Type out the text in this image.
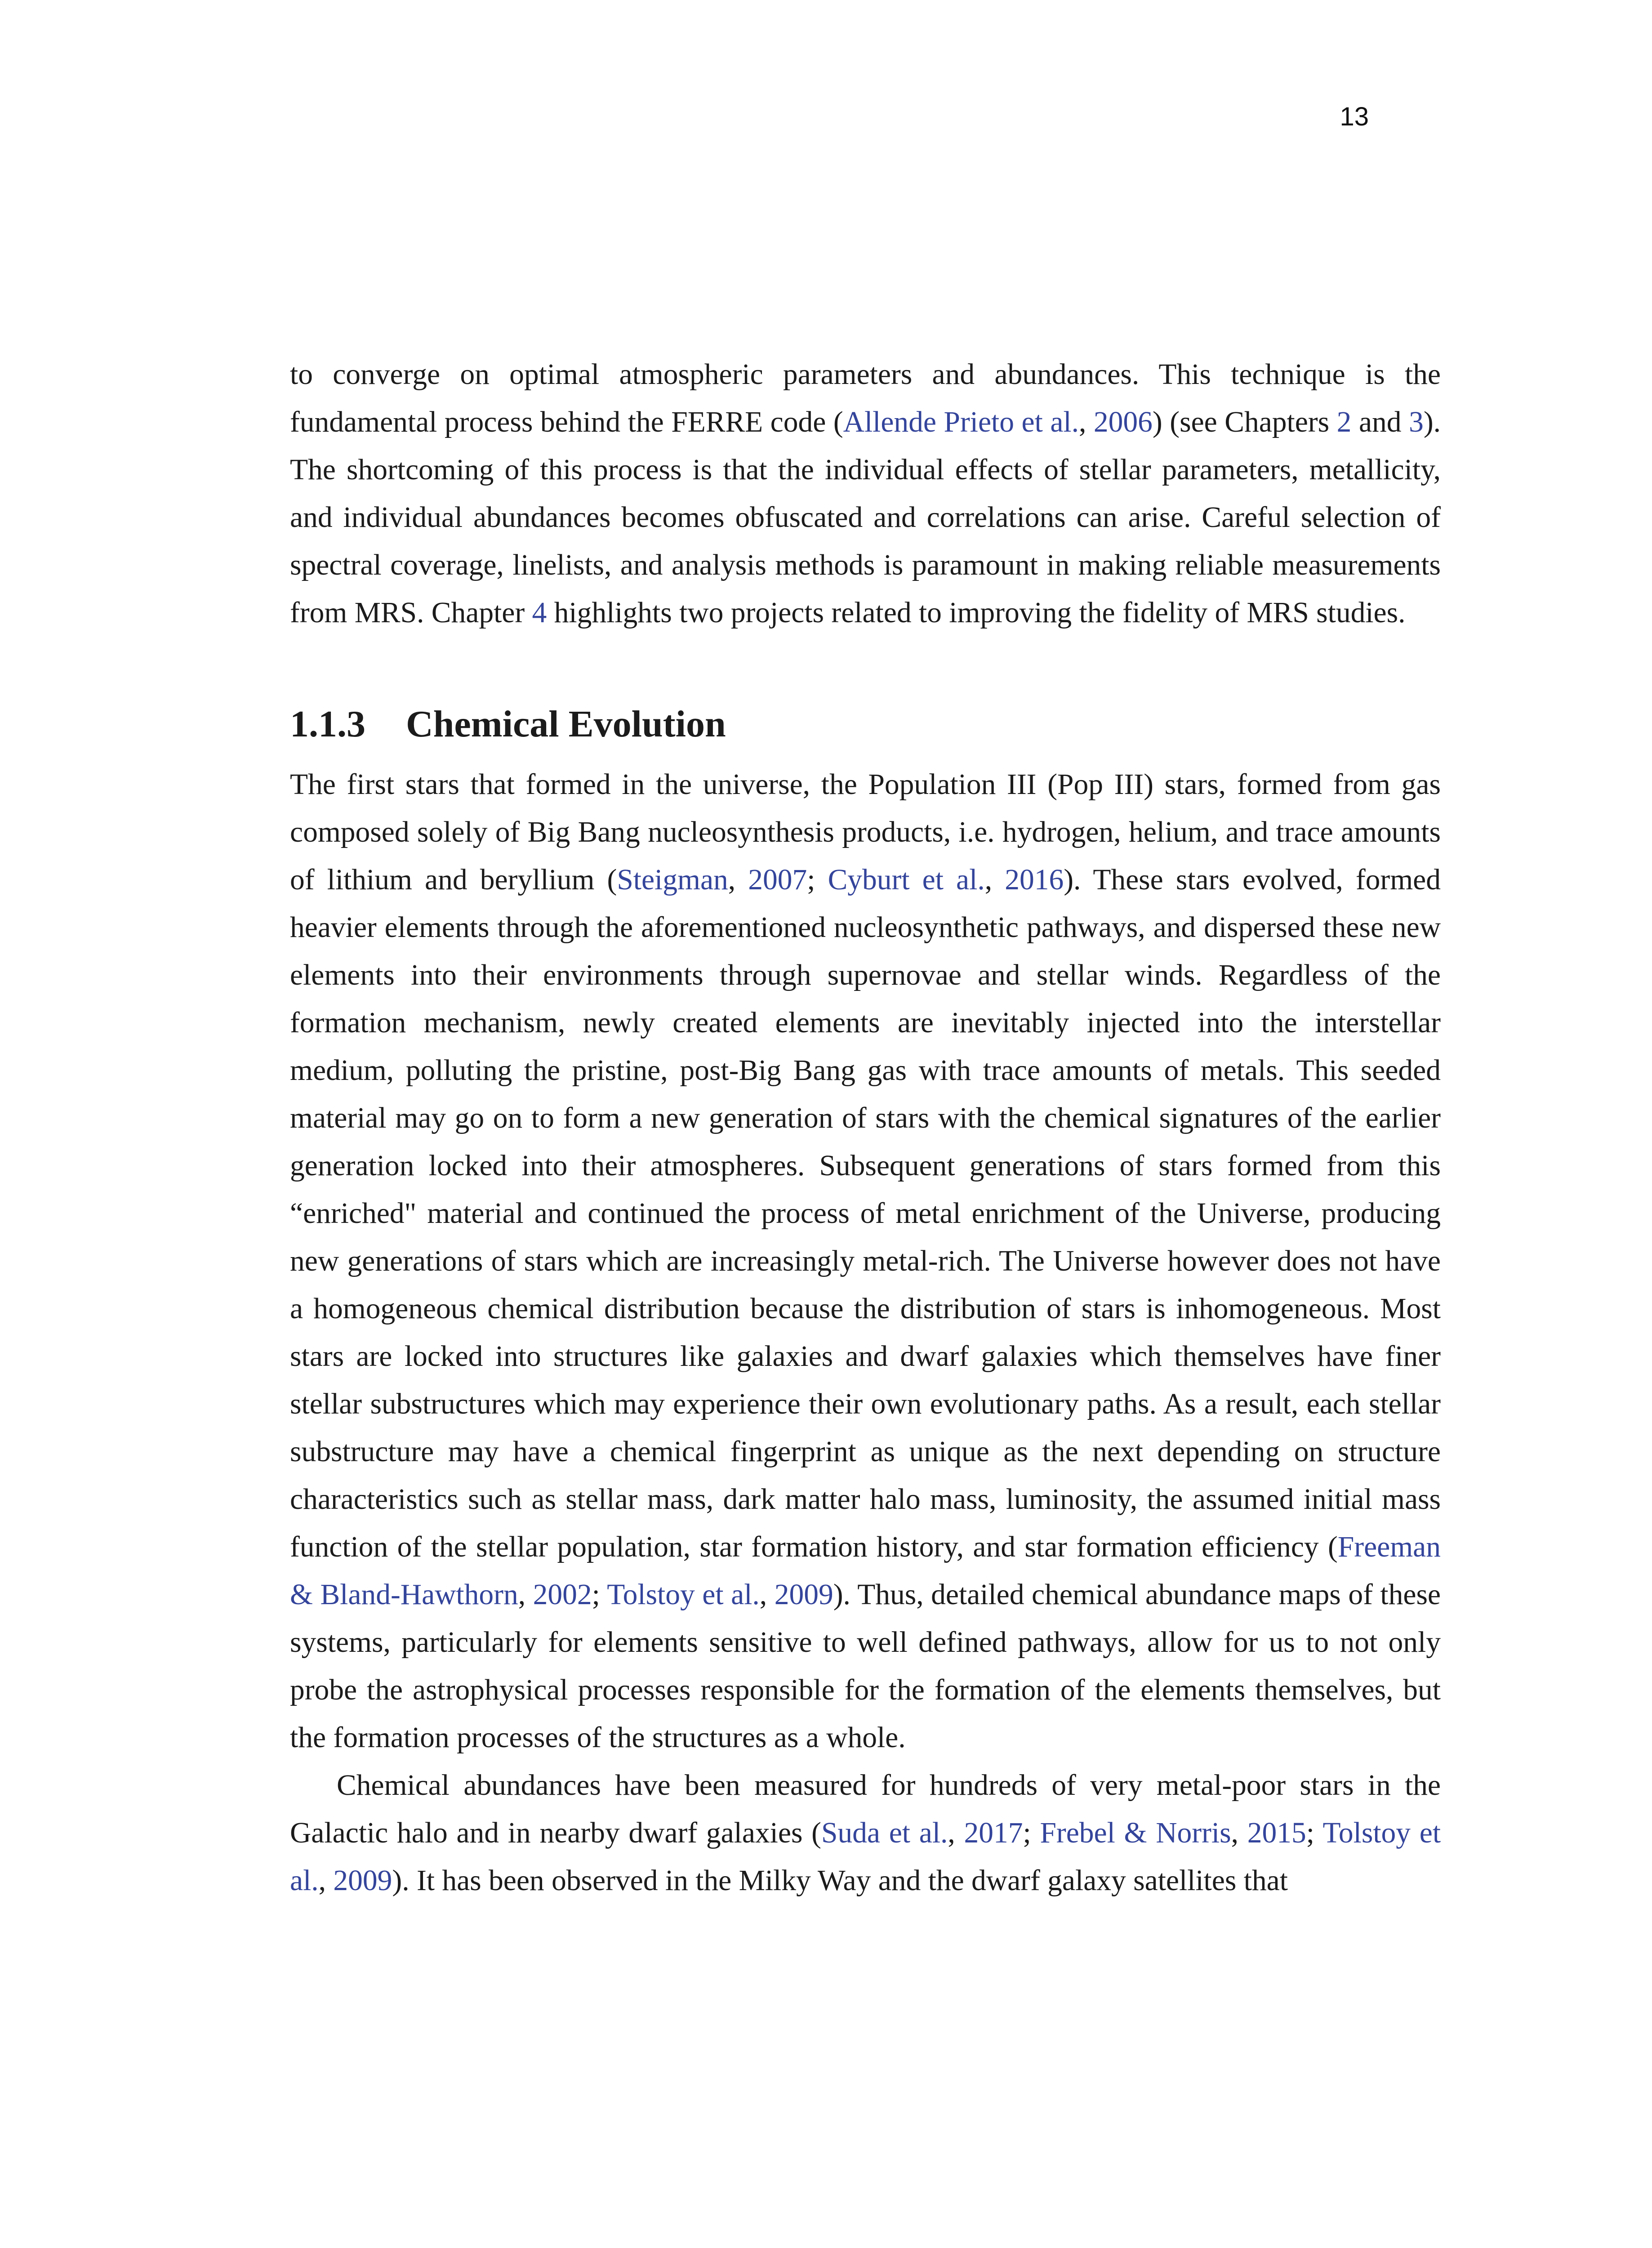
13

to converge on optimal atmospheric parameters and abundances. This technique is the fundamental process behind the FERRE code (Allende Prieto et al., 2006) (see Chapters 2 and 3). The shortcoming of this process is that the individual effects of stellar parameters, metallicity, and individual abundances becomes obfuscated and correlations can arise. Careful selection of spectral coverage, linelists, and analysis methods is paramount in making reliable measurements from MRS. Chapter 4 highlights two projects related to improving the fidelity of MRS studies.

1.1.3 Chemical Evolution

The first stars that formed in the universe, the Population III (Pop III) stars, formed from gas composed solely of Big Bang nucleosynthesis products, i.e. hydrogen, helium, and trace amounts of lithium and beryllium (Steigman, 2007; Cyburt et al., 2016). These stars evolved, formed heavier elements through the aforementioned nucleosynthetic pathways, and dispersed these new elements into their environments through supernovae and stellar winds. Regardless of the formation mechanism, newly created elements are inevitably injected into the interstellar medium, polluting the pristine, post-Big Bang gas with trace amounts of metals. This seeded material may go on to form a new generation of stars with the chemical signatures of the earlier generation locked into their atmospheres. Subsequent generations of stars formed from this “enriched" material and continued the process of metal enrichment of the Universe, producing new generations of stars which are increasingly metal-rich. The Universe however does not have a homogeneous chemical distribution because the distribution of stars is inhomogeneous. Most stars are locked into structures like galaxies and dwarf galaxies which themselves have finer stellar substructures which may experience their own evolutionary paths. As a result, each stellar substructure may have a chemical fingerprint as unique as the next depending on structure characteristics such as stellar mass, dark matter halo mass, luminosity, the assumed initial mass function of the stellar population, star formation history, and star formation efficiency (Freeman & Bland-Hawthorn, 2002; Tolstoy et al., 2009). Thus, detailed chemical abundance maps of these systems, particularly for elements sensitive to well defined pathways, allow for us to not only probe the astrophysical processes responsible for the formation of the elements themselves, but the formation processes of the structures as a whole.

Chemical abundances have been measured for hundreds of very metal-poor stars in the Galactic halo and in nearby dwarf galaxies (Suda et al., 2017; Frebel & Norris, 2015; Tolstoy et al., 2009). It has been observed in the Milky Way and the dwarf galaxy satellites that
